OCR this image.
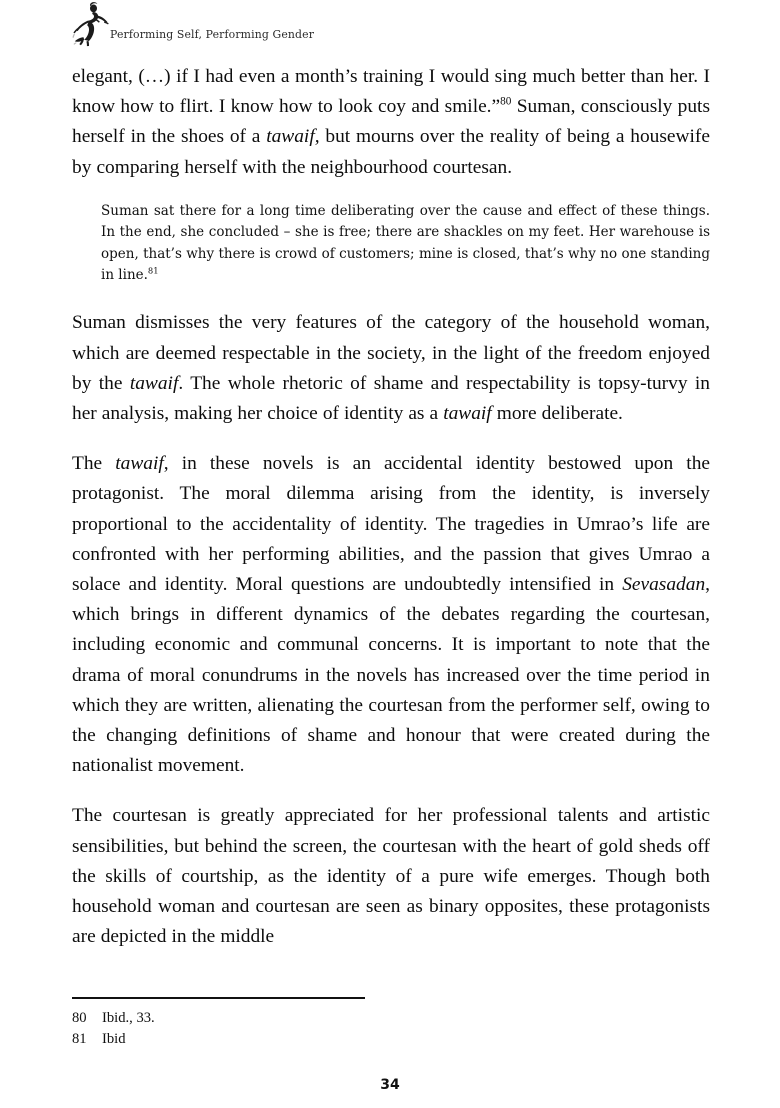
Performing Self, Performing Gender

elegant, (…) if I had even a month’s training I would sing much better than her. I know how to flirt. I know how to look coy and smile.”$^{80}$ Suman, consciously puts herself in the shoes of a tawaif, but mourns over the reality of being a housewife by comparing herself with the neighbourhood courtesan.

Suman sat there for a long time deliberating over the cause and effect of these things. In the end, she concluded – she is free; there are shackles on my feet. Her warehouse is open, that’s why there is crowd of customers; mine is closed, that’s why no one standing in line.$^{81}$

Suman dismisses the very features of the category of the household woman, which are deemed respectable in the society, in the light of the freedom enjoyed by the tawaif. The whole rhetoric of shame and respectability is topsy-turvy in her analysis, making her choice of identity as a tawaif more deliberate.

The tawaif, in these novels is an accidental identity bestowed upon the protagonist. The moral dilemma arising from the identity, is inversely proportional to the accidentality of identity. The tragedies in Umrao’s life are confronted with her performing abilities, and the passion that gives Umrao a solace and identity. Moral questions are undoubtedly intensified in Sevasadan, which brings in different dynamics of the debates regarding the courtesan, including economic and communal concerns. It is important to note that the drama of moral conundrums in the novels has increased over the time period in which they are written, alienating the courtesan from the performer self, owing to the changing definitions of shame and honour that were created during the nationalist movement.

The courtesan is greatly appreciated for her professional talents and artistic sensibilities, but behind the screen, the courtesan with the heart of gold sheds off the skills of courtship, as the identity of a pure wife emerges. Though both household woman and courtesan are seen as binary opposites, these protagonists are depicted in the middle

80	Ibid., 33.
81	Ibid
34
